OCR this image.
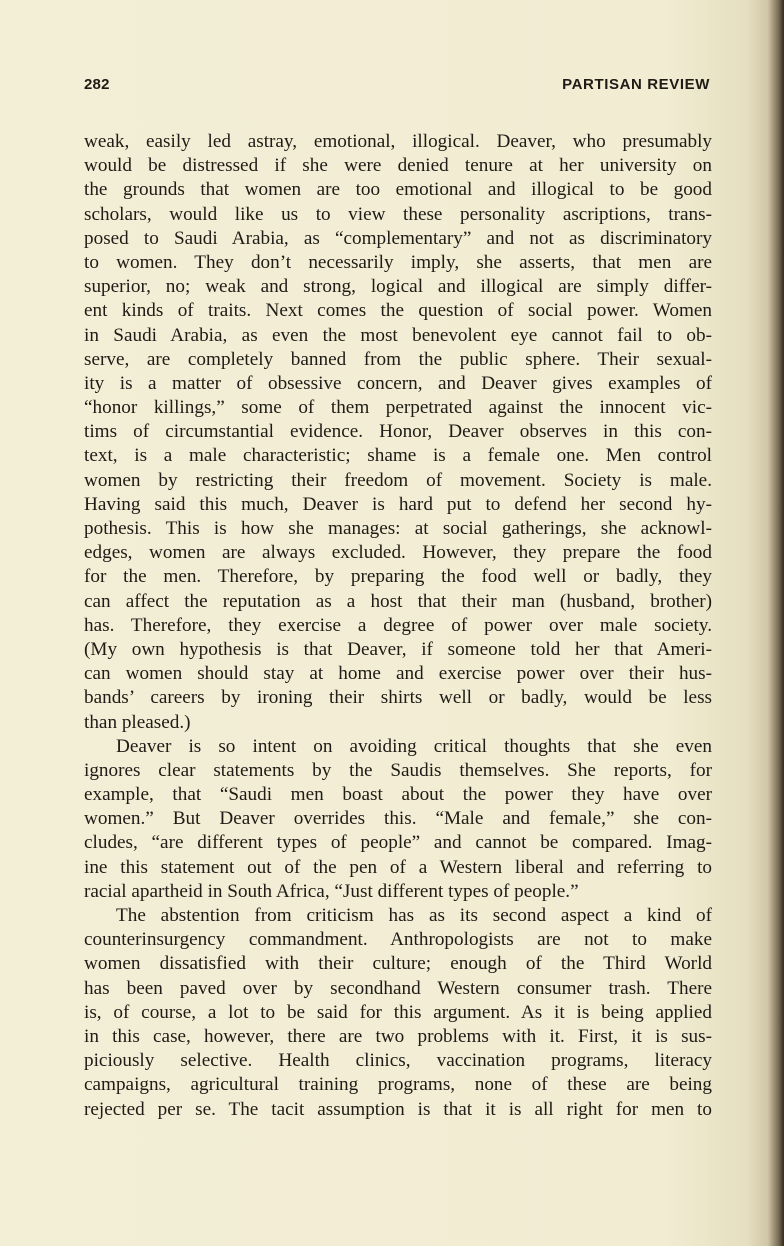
282	PARTISAN REVIEW
weak, easily led astray, emotional, illogical. Deaver, who presumably
would be distressed if she were denied tenure at her university on
the grounds that women are too emotional and illogical to be good
scholars, would like us to view these personality ascriptions, trans-
posed to Saudi Arabia, as “complementary” and not as discriminatory
to women. They don’t necessarily imply, she asserts, that men are
superior, no; weak and strong, logical and illogical are simply differ-
ent kinds of traits. Next comes the question of social power. Women
in Saudi Arabia, as even the most benevolent eye cannot fail to ob-
serve, are completely banned from the public sphere. Their sexual-
ity is a matter of obsessive concern, and Deaver gives examples of
“honor killings,” some of them perpetrated against the innocent vic-
tims of circumstantial evidence. Honor, Deaver observes in this con-
text, is a male characteristic; shame is a female one. Men control
women by restricting their freedom of movement. Society is male.
Having said this much, Deaver is hard put to defend her second hy-
pothesis. This is how she manages: at social gatherings, she acknowl-
edges, women are always excluded. However, they prepare the food
for the men. Therefore, by preparing the food well or badly, they
can affect the reputation as a host that their man (husband, brother)
has. Therefore, they exercise a degree of power over male society.
(My own hypothesis is that Deaver, if someone told her that Ameri-
can women should stay at home and exercise power over their hus-
bands’ careers by ironing their shirts well or badly, would be less
than pleased.)
Deaver is so intent on avoiding critical thoughts that she even
ignores clear statements by the Saudis themselves. She reports, for
example, that “Saudi men boast about the power they have over
women.” But Deaver overrides this. “Male and female,” she con-
cludes, “are different types of people” and cannot be compared. Imag-
ine this statement out of the pen of a Western liberal and referring to
racial apartheid in South Africa, “Just different types of people.”
The abstention from criticism has as its second aspect a kind of
counterinsurgency commandment. Anthropologists are not to make
women dissatisfied with their culture; enough of the Third World
has been paved over by secondhand Western consumer trash. There
is, of course, a lot to be said for this argument. As it is being applied
in this case, however, there are two problems with it. First, it is sus-
piciously selective. Health clinics, vaccination programs, literacy
campaigns, agricultural training programs, none of these are being
rejected per se. The tacit assumption is that it is all right for men to
